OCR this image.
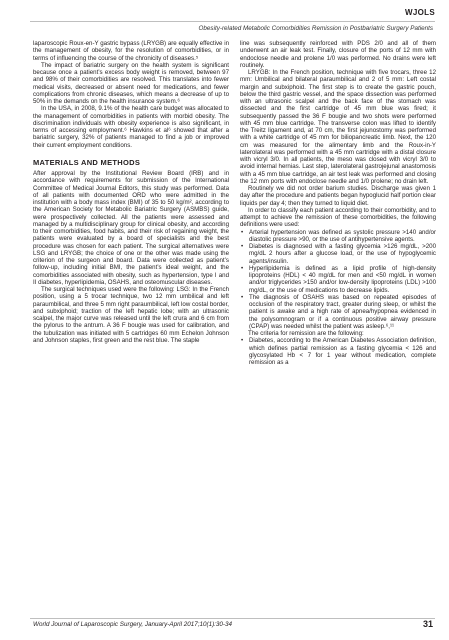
WJOLS
Obesity-related Metabolic Comorbidities Remission in Postbariatric Surgery Patients

laparoscopic Roux-en-Y gastric bypass (LRYGB) are equally effective in the management of obesity, for the resolution of comorbidities, or in terms of influencing the course of the chronicity of diseases.⁵

The impact of bariatric surgery on the health system is significant because once a patient’s excess body weight is removed, between 97 and 98% of their comorbidities are resolved. This translates into fewer medical visits, decreased or absent need for medications, and fewer complications from chronic diseases, which means a decrease of up to 50% in the demands on the health insurance system.⁶

In the USA, in 2008, 9.1% of the health care budget was allocated to the management of comorbidities in patients with morbid obesity. The discrimination individuals with obesity experience is also significant, in terms of accessing employment.⁶ Hawkins et al⁶ showed that after a bariatric surgery, 32% of patients managed to find a job or improved their current employment conditions.

MATERIALS AND METHODS

After approval by the Institutional Review Board (IRB) and in accordance with requirements for submission of the International Committee of Medical Journal Editors, this study was performed. Data of all patients with documented ORD who were admitted in the institution with a body mass index (BMI) of 35 to 50 kg/m², according to the American Society for Metabolic Bariatric Surgery (ASMBS) guide, were prospectively collected. All the patients were assessed and managed by a multidisciplinary group for clinical obesity, and according to their comorbidities, food habits, and their risk of regaining weight, the patients were evaluated by a board of specialists and the best procedure was chosen for each patient. The surgical alternatives were LSG and LRYGB; the choice of one or the other was made using the criterion of the surgeon and board. Data were collected as patient’s follow-up, including initial BMI, the patient’s ideal weight, and the comorbidities associated with obesity, such as hypertension, type I and II diabetes, hyperlipidemia, OSAHS, and osteomuscular diseases.

The surgical techniques used were the following: LSG: In the French position, using a 5 trocar technique, two 12 mm umbilical and left paraumbilical, and three 5 mm right paraumbilical, left low costal border, and subxiphoid; traction of the left hepatic lobe; with an ultrasonic scalpel, the major curve was released until the left crura and 6 cm from the pylorus to the antrum. A 36 F bougie was used for calibration, and the tubulization was initiated with 5 cartridges 60 mm Echelon Johnson and Johnson staples, first green and the rest blue. The staple

line was subsequently reinforced with PDS 2/0 and all of them underwent an air leak test. Finally, closure of the ports of 12 mm with endoclose needle and prolene 1/0 was performed. No drains were left routinely.

LRYGB: In the French position, technique with five trocars, three 12 mm: Umbilical and bilateral paraumbilical and 2 of 5 mm: Left costal margin and subxiphoid. The first step is to create the gastric pouch, below the third gastric vessel, and the space dissection was performed with an ultrasonic scalpel and the back face of the stomach was dissected and the first cartridge of 45 mm blue was fired; it subsequently passed the 36 F bougie and two shots were performed with 45 mm blue cartridge. The transverse colon was lifted to identify the Treitz ligament and, at 70 cm, the first jejunostomy was performed with a white cartridge of 45 mm for biliopancreatic limb. Next, the 120 cm was measured for the alimentary limb and the Roux-in-Y laterolateral was performed with a 45 mm cartridge with a distal closure with vicryl 3/0. In all patients, the meso was closed with vicryl 3/0 to avoid internal hernias. Last step, laterolateral gastrojejunal anastomosis with a 45 mm blue cartridge, an air test leak was performed and closing the 12 mm ports with endoclose needle and 1/0 prolene; no drain left.

Routinely we did not order barium studies. Discharge was given 1 day after the procedure and patients began hypoglucid half portion clear liquids per day 4; then they turned to liquid diet.

In order to classify each patient according to their comorbidity, and to attempt to achieve the remission of these comorbidities, the following definitions were used:

• Arterial hypertension was defined as systolic pressure >140 and/or diastolic pressure >90, or the use of antihypertensive agents.
• Diabetes is diagnosed with a fasting glycemia >126 mg/dL, >200 mg/dL 2 hours after a glucose load, or the use of hypoglycemic agents/insulin.
• Hyperlipidemia is defined as a lipid profile of high-density lipoproteins (HDL) < 40 mg/dL for men and <50 mg/dL in women and/or triglycerides >150 and/or low-density lipoproteins (LDL) >100 mg/dL, or the use of medications to decrease lipids.
• The diagnosis of OSAHS was based on repeated episodes of occlusion of the respiratory tract, greater during sleep, or whilst the patient is awake and a high rate of apnea/hypopnea evidenced in the polysomnogram or if a continuous positive airway pressure (CPAP) was needed whilst the patient was asleep.⁶,¹¹

The criteria for remission are the following:

• Diabetes, according to the American Diabetes Association definition, which defines partial remission as a fasting glycemia < 126 and glycosylated Hb < 7 for 1 year without medication, complete remission as a
World Journal of Laparoscopic Surgery, January-April 2017;10(1):30-34	31
